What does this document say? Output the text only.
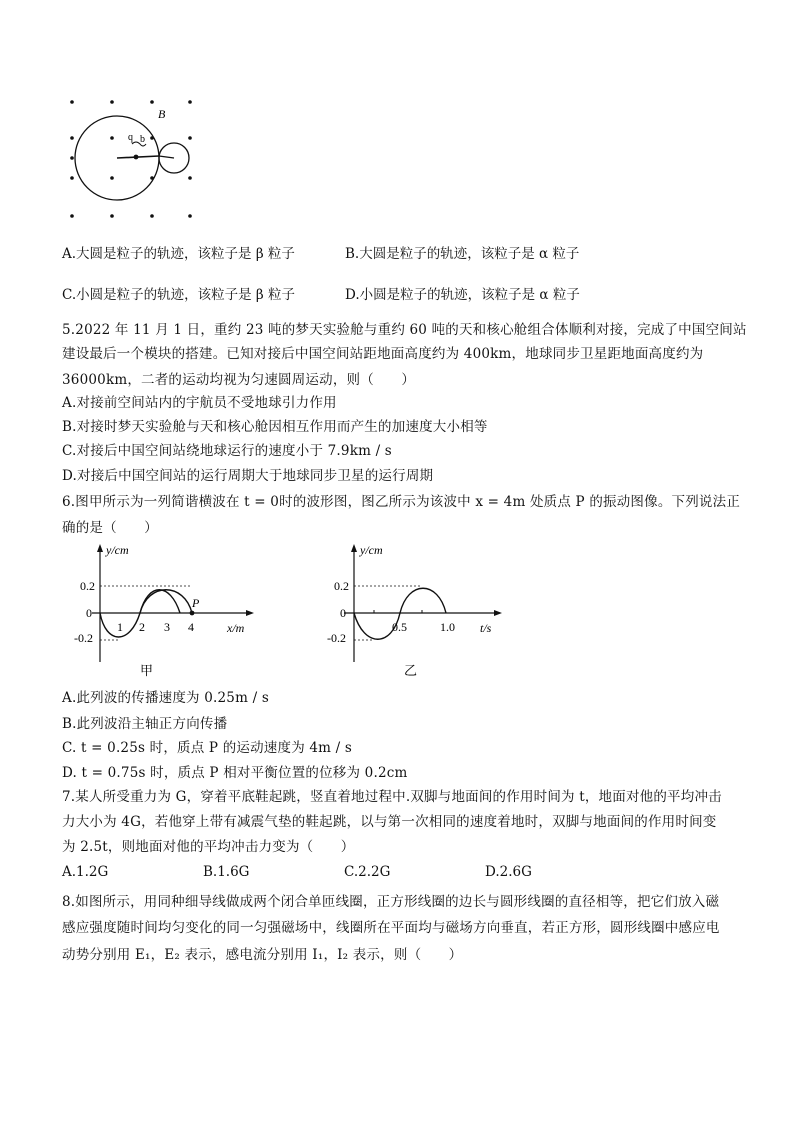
B
q b
A.大圆是粒子的轨迹，该粒子是 β 粒子	B.大圆是粒子的轨迹，该粒子是 α 粒子
C.小圆是粒子的轨迹，该粒子是 β 粒子	D.小圆是粒子的轨迹，该粒子是 α 粒子
5.2022 年 11 月 1 日，重约 23 吨的梦天实验舱与重约 60 吨的天和核心舱组合体顺利对接，完成了中国空间站
建设最后一个模块的搭建。已知对接后中国空间站距地面高度约为 400km，地球同步卫星距地面高度约为
36000km，二者的运动均视为匀速圆周运动，则（　　）
A.对接前空间站内的宇航员不受地球引力作用
B.对接时梦天实验舱与天和核心舱因相互作用而产生的加速度大小相等
C.对接后中国空间站绕地球运行的速度小于 7.9km / s
D.对接后中国空间站的运行周期大于地球同步卫星的运行周期
6.图甲所示为一列简谐横波在 t = 0时的波形图，图乙所示为该波中 x = 4m 处质点 P 的振动图像。下列说法正
确的是（　　）
y/cm
x/m
0.2
0
-0.2
1 2 3 4
P
甲
y/cm
t/s
0.2
0
-0.2
0.5	1.0
乙
A.此列波的传播速度为 0.25m / s
B.此列波沿主轴正方向传播
C. t = 0.25s 时，质点 P 的运动速度为 4m / s
D. t = 0.75s 时，质点 P 相对平衡位置的位移为 0.2cm
7.某人所受重力为 G，穿着平底鞋起跳，竖直着地过程中.双脚与地面间的作用时间为 t，地面对他的平均冲击
力大小为 4G，若他穿上带有减震气垫的鞋起跳，以与第一次相同的速度着地时，双脚与地面间的作用时间变
为 2.5t，则地面对他的平均冲击力变为（　　）
A.1.2G	B.1.6G	C.2.2G	D.2.6G
8.如图所示，用同种细导线做成两个闭合单匝线圈，正方形线圈的边长与圆形线圈的直径相等，把它们放入磁
感应强度随时间均匀变化的同一匀强磁场中，线圈所在平面均与磁场方向垂直，若正方形，圆形线圈中感应电
动势分别用 E₁，E₂ 表示，感电流分别用 I₁，I₂ 表示，则（　　）
